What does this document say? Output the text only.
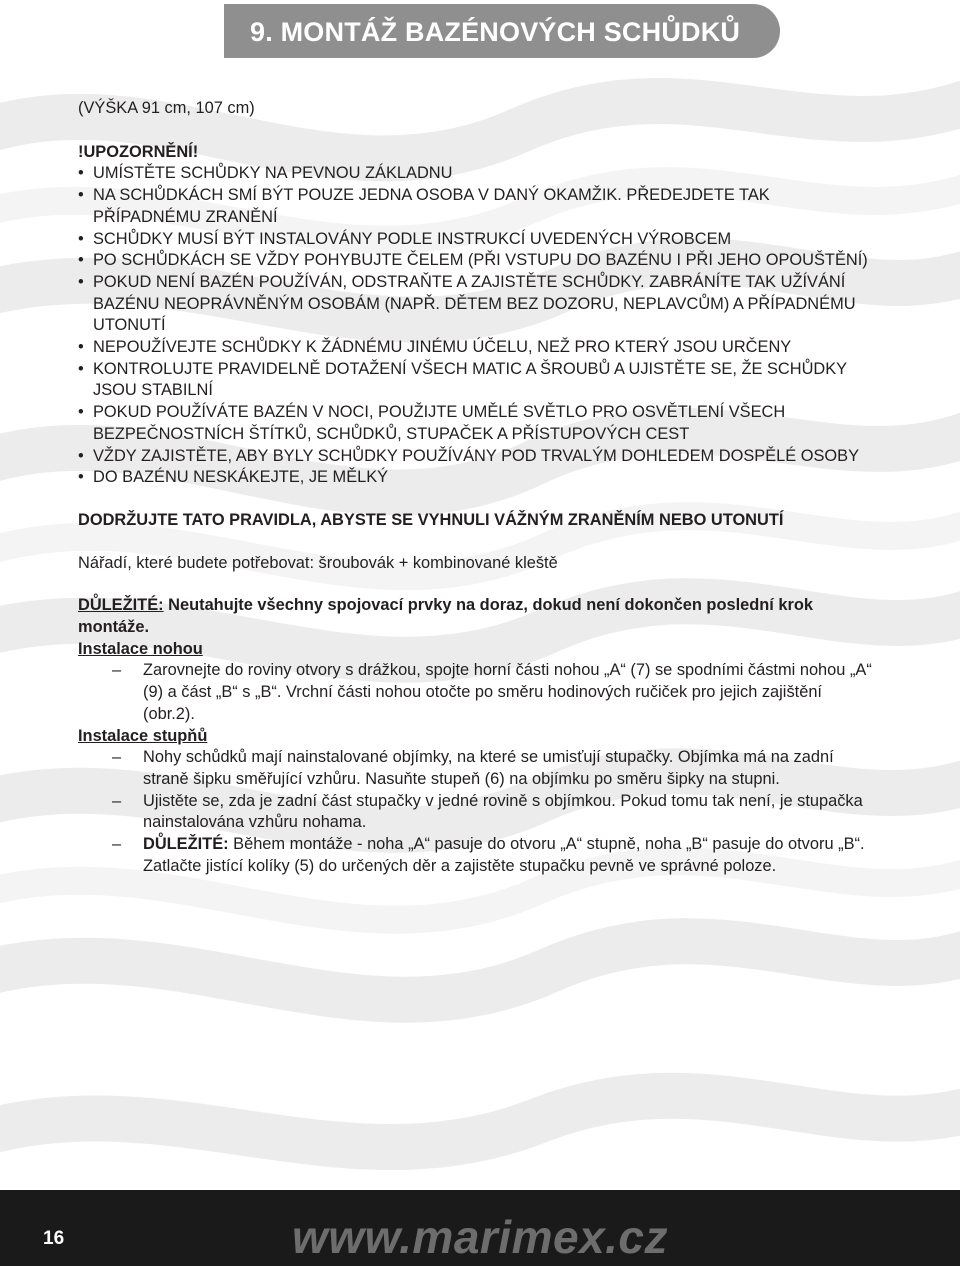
9. MONTÁŽ BAZÉNOVÝCH SCHŮDKŮ

(VÝŠKA 91 cm, 107 cm)

!UPOZORNĚNÍ!

• UMÍSTĚTE SCHŮDKY NA PEVNOU ZÁKLADNU
• NA SCHŮDKÁCH SMÍ BÝT POUZE JEDNA OSOBA V DANÝ OKAMŽIK. PŘEDEJDETE TAK PŘÍPADNÉMU ZRANĚNÍ
• SCHŮDKY MUSÍ BÝT INSTALOVÁNY PODLE INSTRUKCÍ UVEDENÝCH VÝROBCEM
• PO SCHŮDKÁCH SE VŽDY POHYBUJTE ČELEM (PŘI VSTUPU DO BAZÉNU I PŘI JEHO OPOUŠTĚNÍ)
• POKUD NENÍ BAZÉN POUŽÍVÁN, ODSTRAŇTE A ZAJISTĚTE SCHŮDKY. ZABRÁNÍTE TAK UŽÍVÁNÍ BAZÉNU NEOPRÁVNĚNÝM OSOBÁM (NAPŘ. DĚTEM BEZ DOZORU, NEPLAVCŮM) A PŘÍPADNÉMU UTONUTÍ
• NEPOUŽÍVEJTE SCHŮDKY K ŽÁDNÉMU JINÉMU ÚČELU, NEŽ PRO KTERÝ JSOU URČENY
• KONTROLUJTE PRAVIDELNĚ DOTAŽENÍ VŠECH MATIC A ŠROUBŮ A UJISTĚTE SE, ŽE SCHŮDKY JSOU STABILNÍ
• POKUD POUŽÍVÁTE BAZÉN V NOCI, POUŽIJTE UMĚLÉ SVĚTLO PRO OSVĚTLENÍ VŠECH BEZPEČNOSTNÍCH ŠTÍTKŮ, SCHŮDKŮ, STUPAČEK A PŘÍSTUPOVÝCH CEST
• VŽDY ZAJISTĚTE, ABY BYLY SCHŮDKY POUŽÍVÁNY POD TRVALÝM DOHLEDEM DOSPĚLÉ OSOBY
• DO BAZÉNU NESKÁKEJTE, JE MĚLKÝ

DODRŽUJTE TATO PRAVIDLA, ABYSTE SE VYHNULI VÁŽNÝM ZRANĚNÍM NEBO UTONUTÍ

Nářadí, které budete potřebovat: šroubovák + kombinované kleště

DŮLEŽITÉ: Neutahujte všechny spojovací prvky na doraz, dokud není dokončen poslední krok montáže.

Instalace nohou

– Zarovnejte do roviny otvory s drážkou, spojte horní části nohou „A“ (7) se spodními částmi nohou „A“ (9) a část „B“ s „B“. Vrchní části nohou otočte po směru hodinových ručiček pro jejich zajištění (obr.2).

Instalace stupňů

– Nohy schůdků mají nainstalované objímky, na které se umisťují stupačky. Objímka má na zadní straně šipku směřující vzhůru. Nasuňte stupeň (6) na objímku po směru šipky na stupni.
– Ujistěte se, zda je zadní část stupačky v jedné rovině s objímkou. Pokud tomu tak není, je stupačka nainstalována vzhůru nohama.
– DŮLEŽITÉ: Během montáže - noha „A“ pasuje do otvoru „A“ stupně, noha „B“ pasuje do otvoru „B“. Zatlačte jistící kolíky (5) do určených děr a zajistěte stupačku pevně ve správné poloze.
16	www.marimex.cz
